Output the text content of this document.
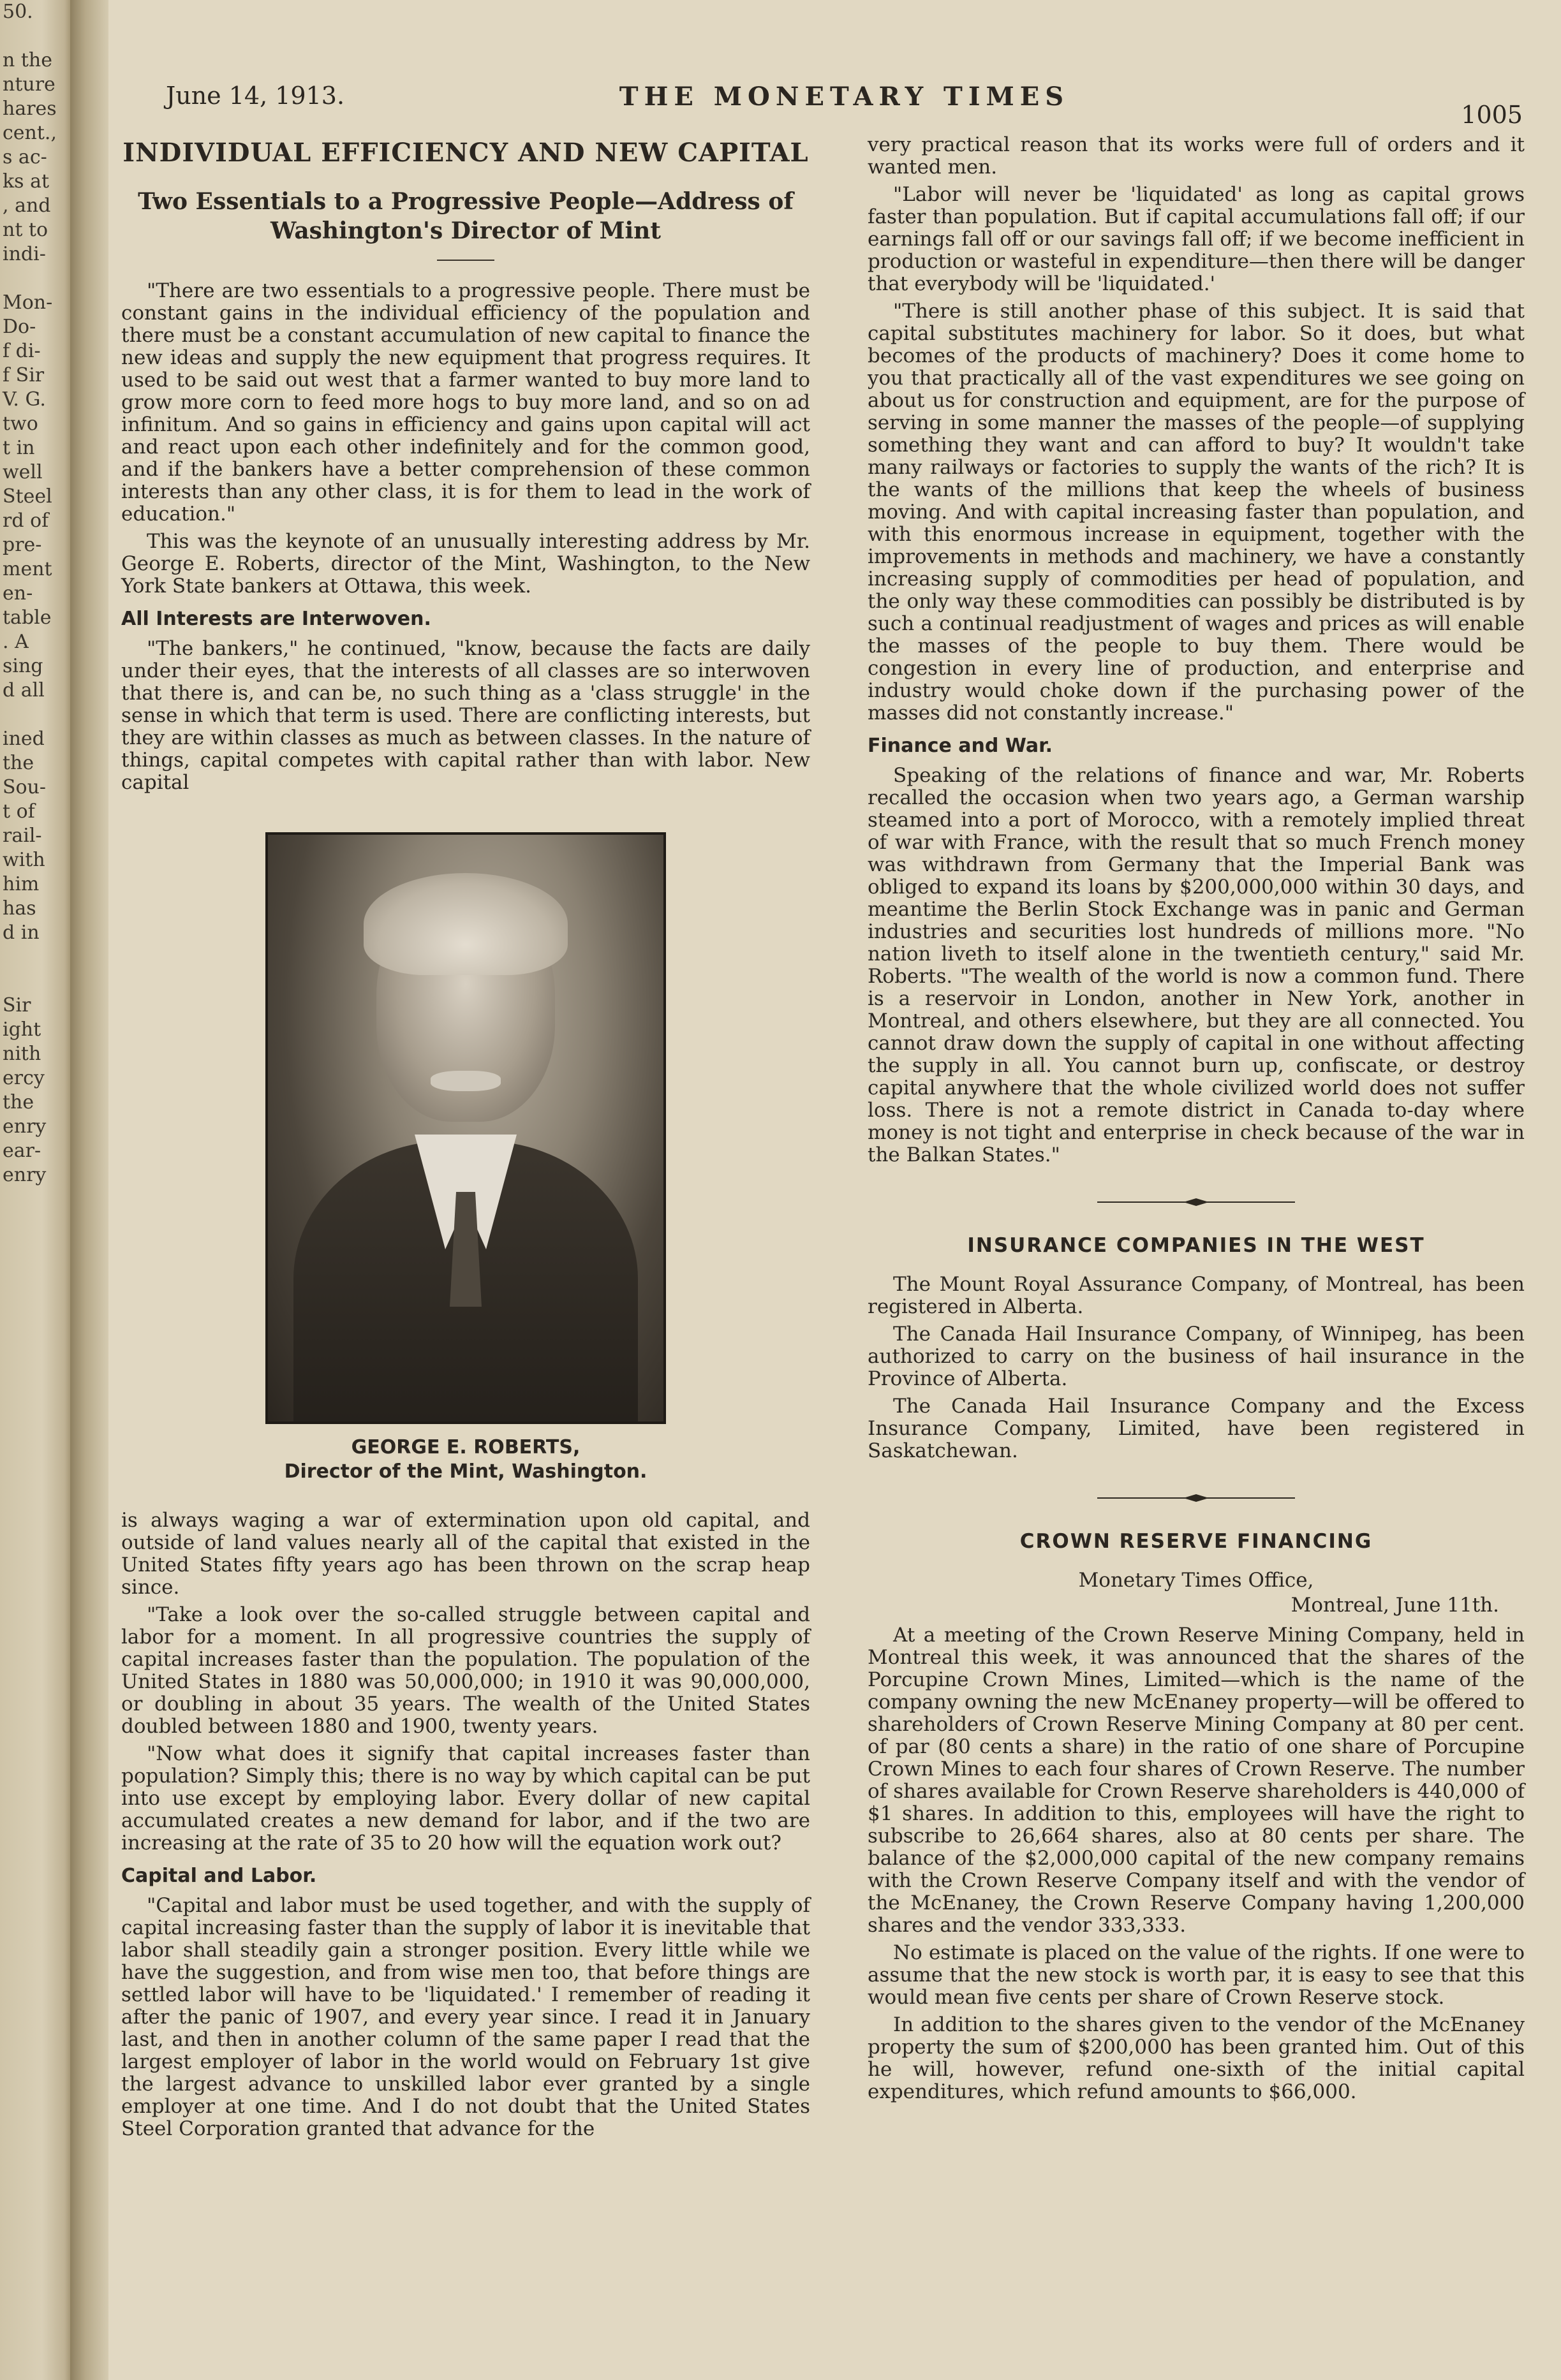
50.

n the
nture
hares
cent.,
s ac-
ks at
, and
nt to
indi-

Mon-
Do-
f di-
f Sir
V. G.
two
t in
well
Steel
rd of
pre-
ment
en-
table
. A
sing
d all

ined
the
Sou-
t of
rail-
with
him
has
d in

Sir
ight
nith
ercy
the
enry
ear-
enry
June 14, 1913.	THE MONETARY TIMES
1005
INDIVIDUAL EFFICIENCY AND NEW CAPITAL
Two Essentials to a Progressive People—Address of
Washington's Director of Mint

"There are two essentials to a progressive people. There must be constant gains in the individual efficiency of the population and there must be a constant accumulation of new capital to finance the new ideas and supply the new equipment that progress requires. It used to be said out west that a farmer wanted to buy more land to grow more corn to feed more hogs to buy more land, and so on ad infinitum. And so gains in efficiency and gains upon capital will act and react upon each other indefinitely and for the common good, and if the bankers have a better comprehension of these common interests than any other class, it is for them to lead in the work of education."

This was the keynote of an unusually interesting address by Mr. George E. Roberts, director of the Mint, Washington, to the New York State bankers at Ottawa, this week.

All Interests are Interwoven.

"The bankers," he continued, "know, because the facts are daily under their eyes, that the interests of all classes are so interwoven that there is, and can be, no such thing as a 'class struggle' in the sense in which that term is used. There are conflicting interests, but they are within classes as much as between classes. In the nature of things, capital competes with capital rather than with labor. New capital

GEORGE E. ROBERTS,
Director of the Mint, Washington.

is always waging a war of extermination upon old capital, and outside of land values nearly all of the capital that existed in the United States fifty years ago has been thrown on the scrap heap since.

"Take a look over the so-called struggle between capital and labor for a moment. In all progressive countries the supply of capital increases faster than the population. The population of the United States in 1880 was 50,000,000; in 1910 it was 90,000,000, or doubling in about 35 years. The wealth of the United States doubled between 1880 and 1900, twenty years.

"Now what does it signify that capital increases faster than population? Simply this; there is no way by which capital can be put into use except by employing labor. Every dollar of new capital accumulated creates a new demand for labor, and if the two are increasing at the rate of 35 to 20 how will the equation work out?

Capital and Labor.

"Capital and labor must be used together, and with the supply of capital increasing faster than the supply of labor it is inevitable that labor shall steadily gain a stronger position. Every little while we have the suggestion, and from wise men too, that before things are settled labor will have to be 'liquidated.' I remember of reading it after the panic of 1907, and every year since. I read it in January last, and then in another column of the same paper I read that the largest employer of labor in the world would on February 1st give the largest advance to unskilled labor ever granted by a single employer at one time. And I do not doubt that the United States Steel Corporation granted that advance for the

very practical reason that its works were full of orders and it wanted men.

"Labor will never be 'liquidated' as long as capital grows faster than population. But if capital accumulations fall off; if our earnings fall off or our savings fall off; if we become inefficient in production or wasteful in expenditure—then there will be danger that everybody will be 'liquidated.'

"There is still another phase of this subject. It is said that capital substitutes machinery for labor. So it does, but what becomes of the products of machinery? Does it come home to you that practically all of the vast expenditures we see going on about us for construction and equipment, are for the purpose of serving in some manner the masses of the people—of supplying something they want and can afford to buy? It wouldn't take many railways or factories to supply the wants of the rich? It is the wants of the millions that keep the wheels of business moving. And with capital increasing faster than population, and with this enormous increase in equipment, together with the improvements in methods and machinery, we have a constantly increasing supply of commodities per head of population, and the only way these commodities can possibly be distributed is by such a continual readjustment of wages and prices as will enable the masses of the people to buy them. There would be congestion in every line of production, and enterprise and industry would choke down if the purchasing power of the masses did not constantly increase."

Finance and War.

Speaking of the relations of finance and war, Mr. Roberts recalled the occasion when two years ago, a German warship steamed into a port of Morocco, with a remotely implied threat of war with France, with the result that so much French money was withdrawn from Germany that the Imperial Bank was obliged to expand its loans by $200,000,000 within 30 days, and meantime the Berlin Stock Exchange was in panic and German industries and securities lost hundreds of millions more. "No nation liveth to itself alone in the twentieth century," said Mr. Roberts. "The wealth of the world is now a common fund. There is a reservoir in London, another in New York, another in Montreal, and others elsewhere, but they are all connected. You cannot draw down the supply of capital in one without affecting the supply in all. You cannot burn up, confiscate, or destroy capital anywhere that the whole civilized world does not suffer loss. There is not a remote district in Canada to-day where money is not tight and enterprise in check because of the war in the Balkan States."

INSURANCE COMPANIES IN THE WEST

The Mount Royal Assurance Company, of Montreal, has been registered in Alberta.

The Canada Hail Insurance Company, of Winnipeg, has been authorized to carry on the business of hail insurance in the Province of Alberta.

The Canada Hail Insurance Company and the Excess Insurance Company, Limited, have been registered in Saskatchewan.

CROWN RESERVE FINANCING

Monetary Times Office,

Montreal, June 11th.

At a meeting of the Crown Reserve Mining Company, held in Montreal this week, it was announced that the shares of the Porcupine Crown Mines, Limited—which is the name of the company owning the new McEnaney property—will be offered to shareholders of Crown Reserve Mining Company at 80 per cent. of par (80 cents a share) in the ratio of one share of Porcupine Crown Mines to each four shares of Crown Reserve. The number of shares available for Crown Reserve shareholders is 440,000 of $1 shares. In addition to this, employees will have the right to subscribe to 26,664 shares, also at 80 cents per share. The balance of the $2,000,000 capital of the new company remains with the Crown Reserve Company itself and with the vendor of the McEnaney, the Crown Reserve Company having 1,200,000 shares and the vendor 333,333.

No estimate is placed on the value of the rights. If one were to assume that the new stock is worth par, it is easy to see that this would mean five cents per share of Crown Reserve stock.

In addition to the shares given to the vendor of the McEnaney property the sum of $200,000 has been granted him. Out of this he will, however, refund one-sixth of the initial capital expenditures, which refund amounts to $66,000.
